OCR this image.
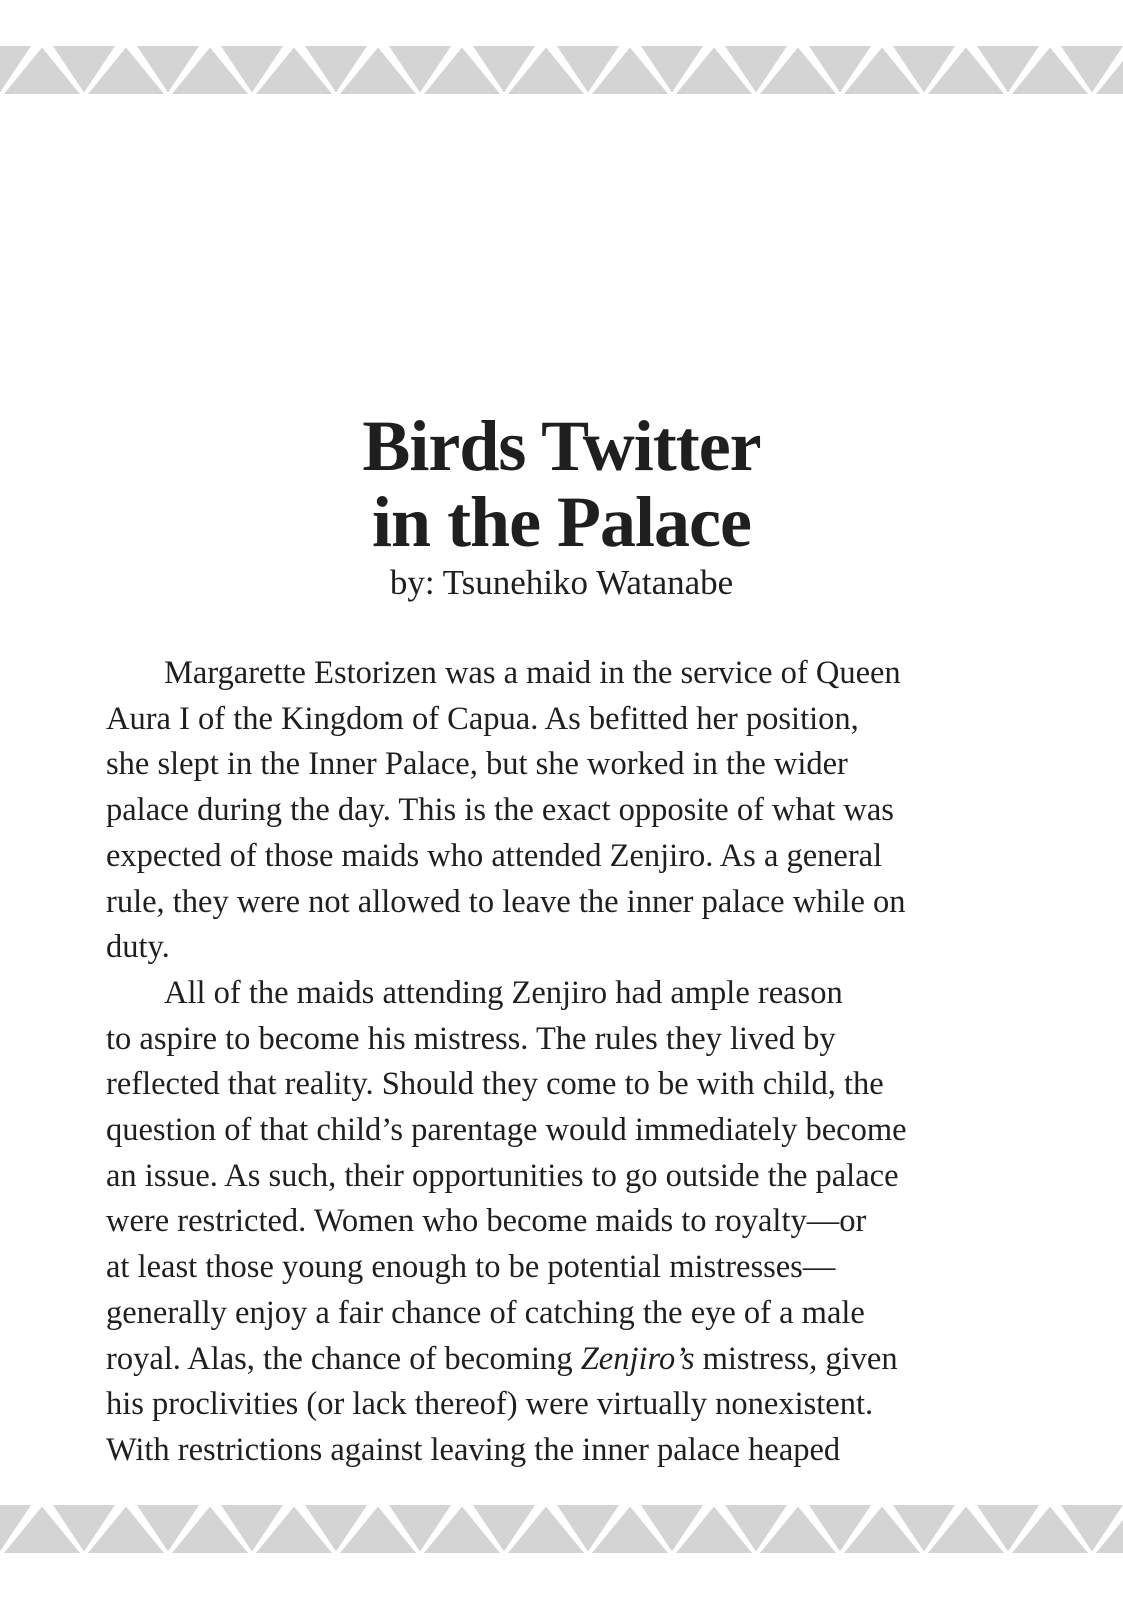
Birds Twitter
in the Palace
by: Tsunehiko Watanabe
Margarette Estorizen was a maid in the service of Queen
Aura I of the Kingdom of Capua. As befitted her position,
she slept in the Inner Palace, but she worked in the wider
palace during the day. This is the exact opposite of what was
expected of those maids who attended Zenjiro. As a general
rule, they were not allowed to leave the inner palace while on
duty.
All of the maids attending Zenjiro had ample reason
to aspire to become his mistress. The rules they lived by
reflected that reality. Should they come to be with child, the
question of that child’s parentage would immediately become
an issue. As such, their opportunities to go outside the palace
were restricted. Women who become maids to royalty—or
at least those young enough to be potential mistresses—
generally enjoy a fair chance of catching the eye of a male
royal. Alas, the chance of becoming Zenjiro’s mistress, given
his proclivities (or lack thereof) were virtually nonexistent.
With restrictions against leaving the inner palace heaped
